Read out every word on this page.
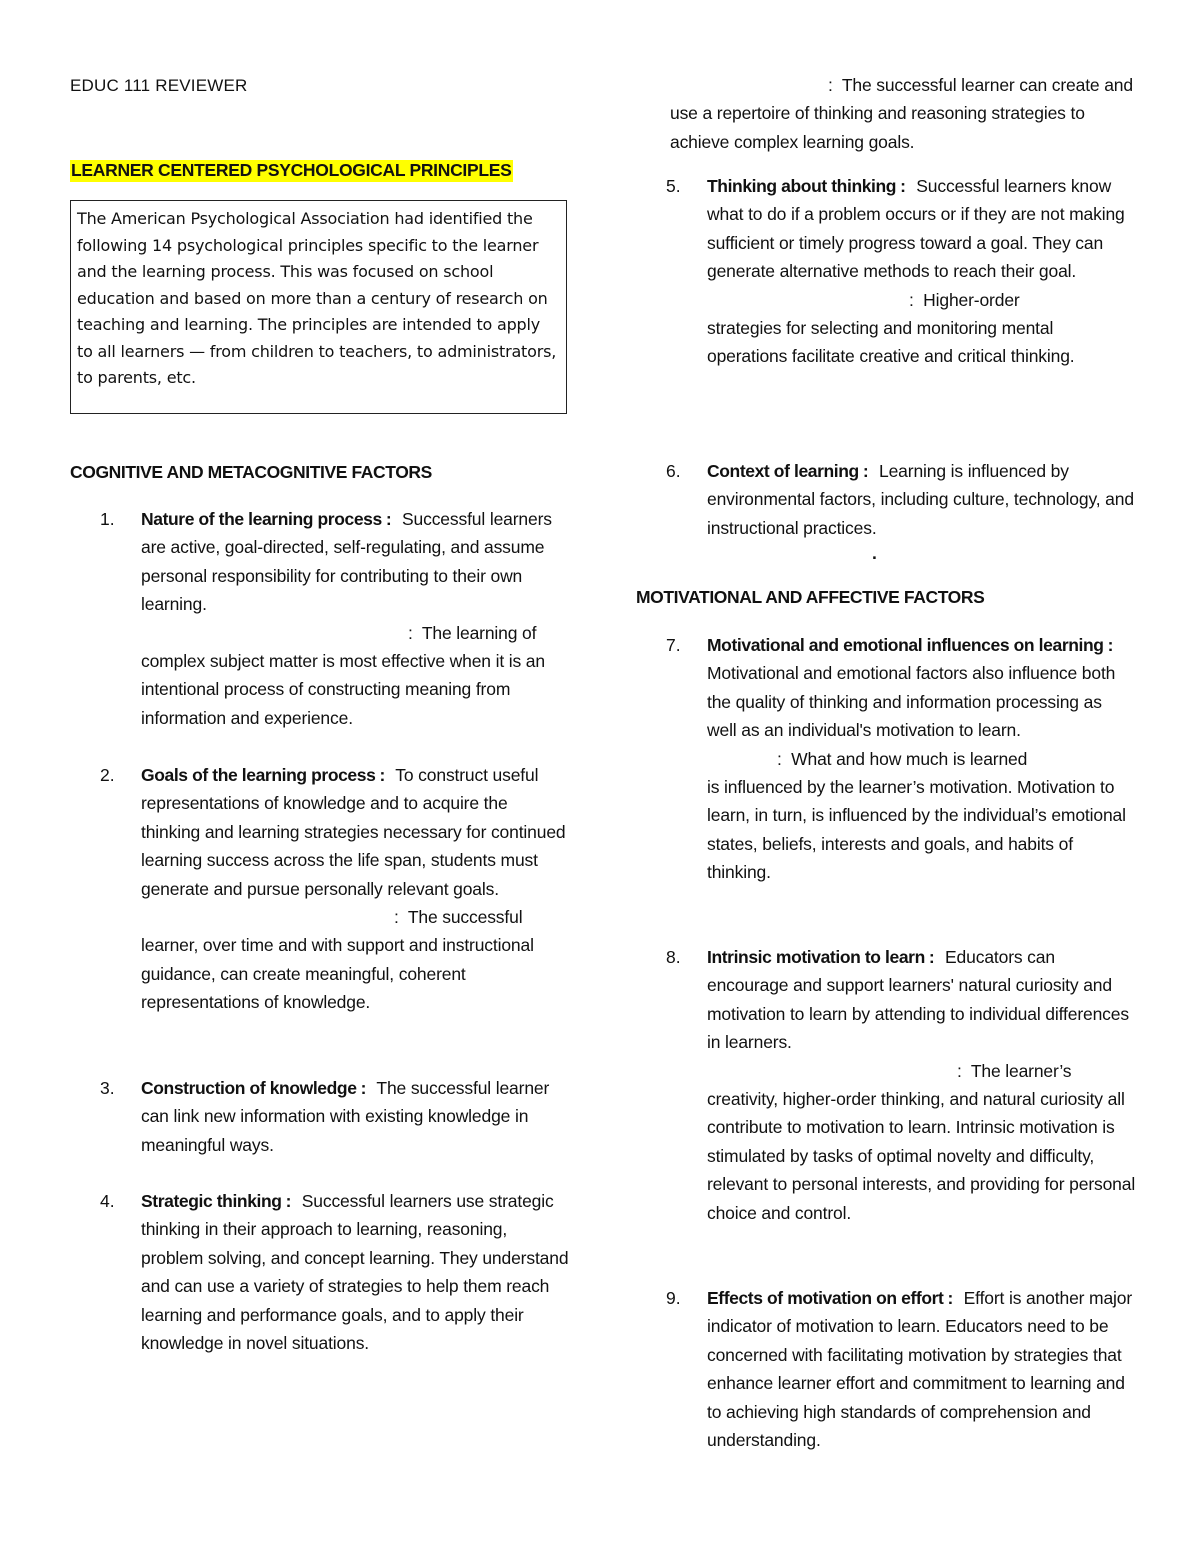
EDUC 111 REVIEWER
LEARNER CENTERED PSYCHOLOGICAL PRINCIPLES
The American Psychological Association had identified the following 14 psychological principles specific to the learner and the learning process. This was focused on school education and based on more than a century of research on teaching and learning. The principles are intended to apply to all learners — from children to teachers, to administrators, to parents, etc.
COGNITIVE AND METACOGNITIVE FACTORS
1.	Nature of the learning process : Successful learners are active, goal-directed, self-regulating, and assume personal responsibility for contributing to their own learning.
:  The learning of
complex subject matter is most effective when it is an intentional process of constructing meaning from information and experience.
2.	Goals of the learning process : To construct useful representations of knowledge and to acquire the thinking and learning strategies necessary for continued learning success across the life span, students must generate and pursue personally relevant goals.
:  The successful
learner, over time and with support and instructional guidance, can create meaningful, coherent representations of knowledge.
3.	Construction of knowledge : The successful learner can link new information with existing knowledge in meaningful ways.
4.	Strategic thinking : Successful learners use strategic thinking in their approach to learning, reasoning, problem solving, and concept learning. They understand and can use a variety of strategies to help them reach learning and performance goals, and to apply their knowledge in novel situations.
:  The successful learner can create and
use a repertoire of thinking and reasoning strategies to achieve complex learning goals.
5.	Thinking about thinking : Successful learners know what to do if a problem occurs or if they are not making sufficient or timely progress toward a goal. They can generate alternative methods to reach their goal.
:  Higher-order
strategies for selecting and monitoring mental operations facilitate creative and critical thinking.
6.	Context of learning : Learning is influenced by environmental factors, including culture, technology, and instructional practices.
.
MOTIVATIONAL AND AFFECTIVE FACTORS
7.	Motivational and emotional influences on learning : Motivational and emotional factors also influence both the quality of thinking and information processing as well as an individual's motivation to learn.
:  What and how much is learned
is influenced by the learner’s motivation. Motivation to learn, in turn, is influenced by the individual’s emotional states, beliefs, interests and goals, and habits of thinking.
8.	Intrinsic motivation to learn : Educators can encourage and support learners' natural curiosity and motivation to learn by attending to individual differences in learners.
:  The learner’s
creativity, higher-order thinking, and natural curiosity all contribute to motivation to learn. Intrinsic motivation is stimulated by tasks of optimal novelty and difficulty, relevant to personal interests, and providing for personal choice and control.
9.	Effects of motivation on effort : Effort is another major indicator of motivation to learn. Educators need to be concerned with facilitating motivation by strategies that enhance learner effort and commitment to learning and to achieving high standards of comprehension and understanding.
